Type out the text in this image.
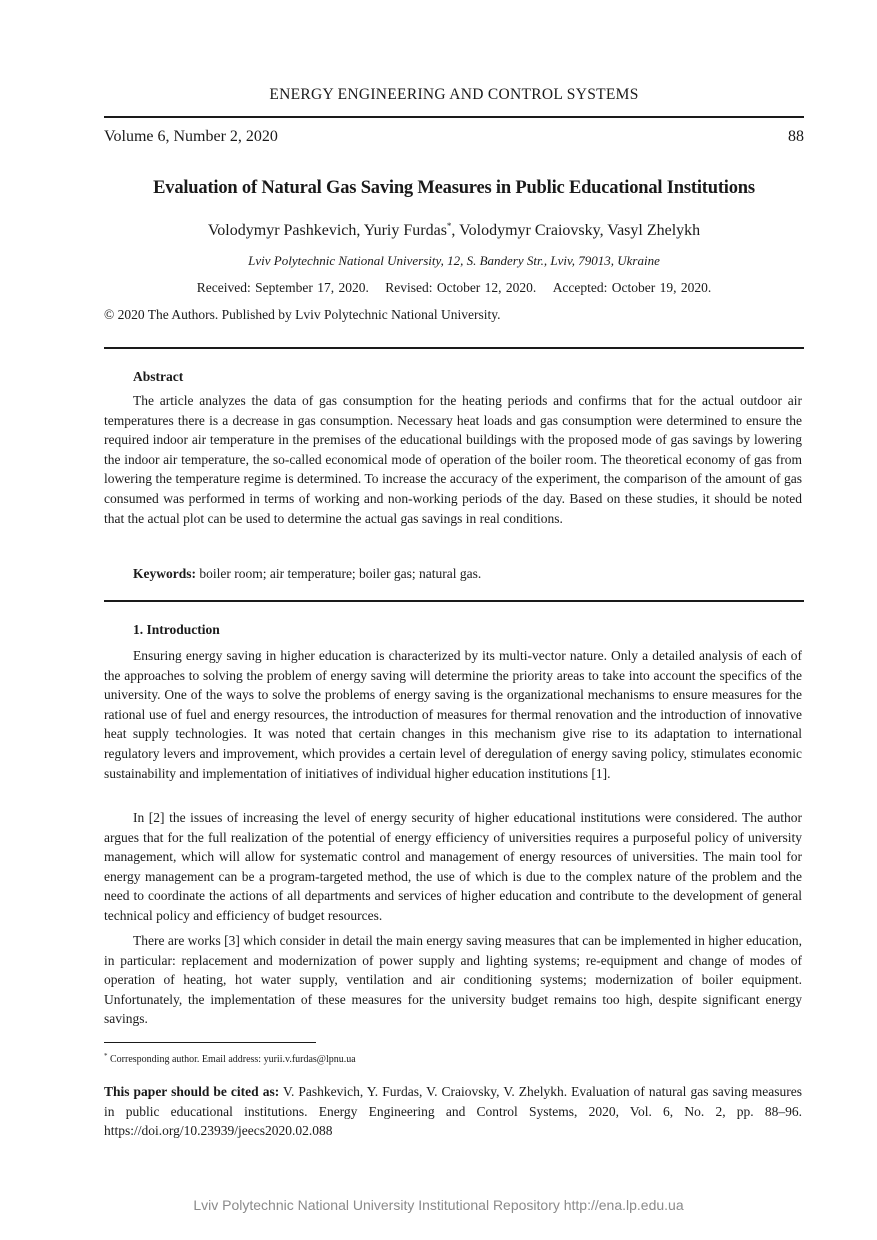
ENERGY ENGINEERING AND CONTROL SYSTEMS
Volume 6, Number 2, 2020	88
Evaluation of Natural Gas Saving Measures in Public Educational Institutions
Volodymyr Pashkevich, Yuriy Furdas*, Volodymyr Craiovsky, Vasyl Zhelykh
Lviv Polytechnic National University, 12, S. Bandery Str., Lviv, 79013, Ukraine
Received: September 17, 2020. Revised: October 12, 2020. Accepted: October 19, 2020.
© 2020 The Authors. Published by Lviv Polytechnic National University.
Abstract

The article analyzes the data of gas consumption for the heating periods and confirms that for the actual outdoor air temperatures there is a decrease in gas consumption. Necessary heat loads and gas consumption were determined to ensure the required indoor air temperature in the premises of the educational buildings with the proposed mode of gas savings by lowering the indoor air temperature, the so-called economical mode of operation of the boiler room. The theoretical economy of gas from lowering the temperature regime is determined. To increase the accuracy of the experiment, the comparison of the amount of gas consumed was performed in terms of working and non-working periods of the day. Based on these studies, it should be noted that the actual plot can be used to determine the actual gas savings in real conditions.

Keywords: boiler room; air temperature; boiler gas; natural gas.
1. Introduction

Ensuring energy saving in higher education is characterized by its multi-vector nature. Only a detailed analysis of each of the approaches to solving the problem of energy saving will determine the priority areas to take into account the specifics of the university. One of the ways to solve the problems of energy saving is the organizational mechanisms to ensure measures for the rational use of fuel and energy resources, the introduction of measures for thermal renovation and the introduction of innovative heat supply technologies. It was noted that certain changes in this mechanism give rise to its adaptation to international regulatory levers and improvement, which provides a certain level of deregulation of energy saving policy, stimulates economic sustainability and implementation of initiatives of individual higher education institutions [1].

In [2] the issues of increasing the level of energy security of higher educational institutions were considered. The author argues that for the full realization of the potential of energy efficiency of universities requires a purposeful policy of university management, which will allow for systematic control and management of energy resources of universities. The main tool for energy management can be a program-targeted method, the use of which is due to the complex nature of the problem and the need to coordinate the actions of all departments and services of higher education and contribute to the development of general technical policy and efficiency of budget resources.

There are works [3] which consider in detail the main energy saving measures that can be implemented in higher education, in particular: replacement and modernization of power supply and lighting systems; re-equipment and change of modes of operation of heating, hot water supply, ventilation and air conditioning systems; modernization of boiler equipment. Unfortunately, the implementation of these measures for the university budget remains too high, despite significant energy savings.

* Corresponding author. Email address: yurii.v.furdas@lpnu.ua

This paper should be cited as: V. Pashkevich, Y. Furdas, V. Craiovsky, V. Zhelykh. Evaluation of natural gas saving measures in public educational institutions. Energy Engineering and Control Systems, 2020, Vol. 6, No. 2, pp. 88–96. https://doi.org/10.23939/jeecs2020.02.088

Lviv Polytechnic National University Institutional Repository http://ena.lp.edu.ua
